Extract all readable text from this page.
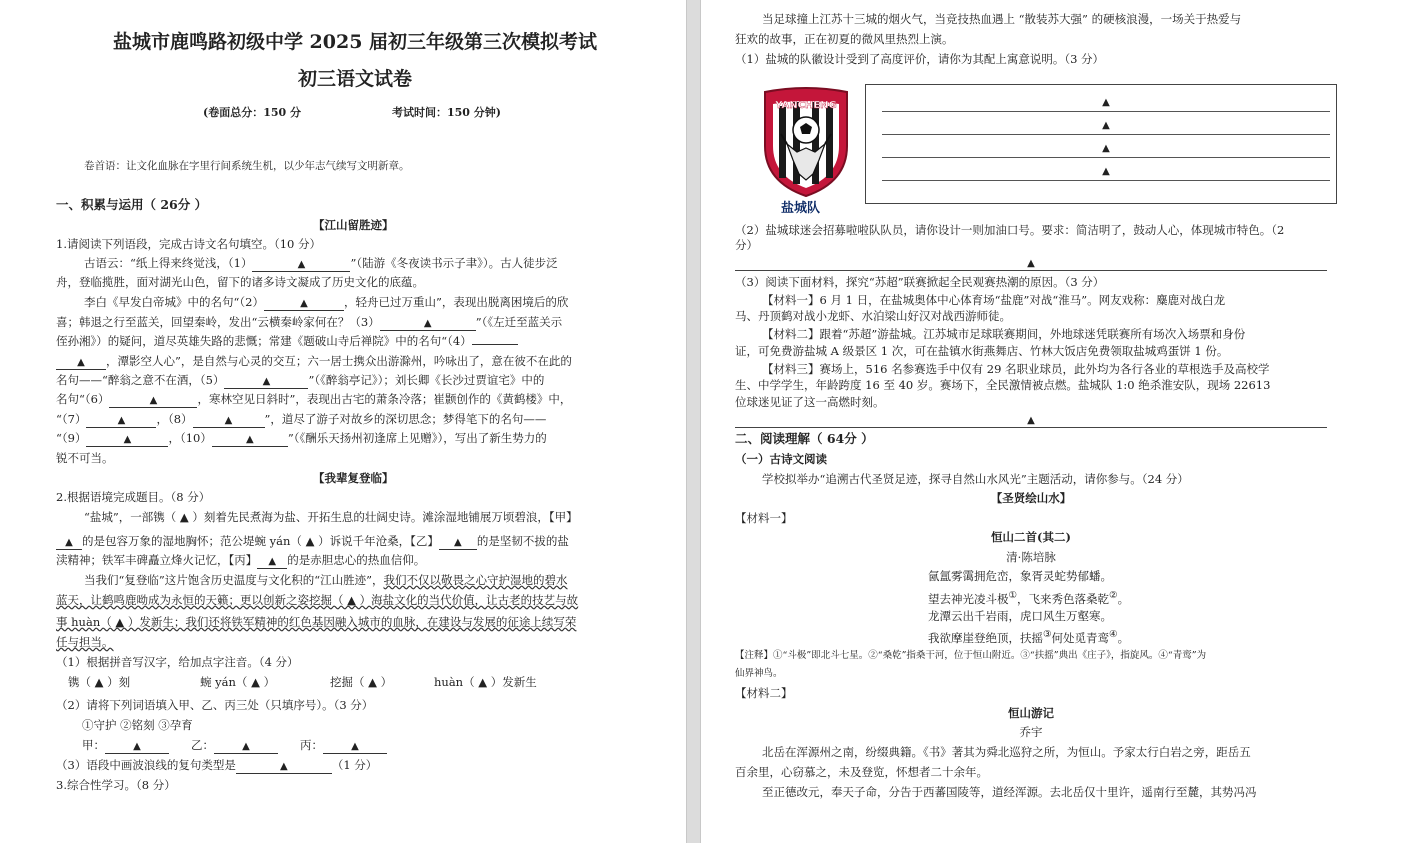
盐城市鹿鸣路初级中学 2025 届初三年级第三次模拟考试
初三语文试卷
(卷面总分：150 分	考试时间：150 分钟)
卷首语：让文化血脉在字里行间系统生机，以少年志气续写文明新章。
一、积累与运用（ 26分 ）
【江山留胜迹】
1.请阅读下列语段，完成古诗文名句填空。（10 分）
古语云：“纸上得来终觉浅，（1）	▲	”（陆游《冬夜读书示子聿》）。古人徒步泛
舟，登临揽胜，面对湖光山色，留下的诸多诗文凝成了历史文化的底蕴。
李白《早发白帝城》中的名句“（2）	▲	，轻舟已过万重山”，表现出脱离困境后的欣
喜；韩退之行至蓝关，回望秦岭，发出“云横秦岭家何在？（3）	▲	”（《左迁至蓝关示
侄孙湘》）的疑问，道尽英雄失路的悲慨；常建《题破山寺后禅院》中的名句“（4）
▲ ，潭影空人心”，是自然与心灵的交互；六一居士携众出游滁州，吟咏出了，意在彼不在此的
名句——“醉翁之意不在酒，（5）	▲	”（《醉翁亭记》）；刘长卿《长沙过贾谊宅》中的
名句“（6）	▲	，寒林空见日斜时”，表现出古宅的萧条冷落；崔颢创作的《黄鹤楼》中，
“（7）	▲	，（8）	▲	”，道尽了游子对故乡的深切思念；梦得笔下的名句——
“（9）	▲	，（10）	▲	”（《酬乐天扬州初逢席上见赠》），写出了新生势力的
锐不可当。
【我辈复登临】
2.根据语境完成题目。（8 分）
“盐城”，一部镌（ ▲ ）刻着先民煮海为盐、开拓生息的壮阔史诗。滩涂湿地铺展万顷碧浪，【甲】
▲ 的是包容万象的湿地胸怀；范公堤蜿 yán（ ▲ ）诉说千年沧桑，【乙】 ▲ 的是坚韧不拔的盐
渎精神；铁军丰碑矗立烽火记忆，【丙】 ▲ 的是赤胆忠心的热血信仰。
当我们“复登临”这片饱含历史温度与文化积的“江山胜迹”，我们不仅以敬畏之心守护湿地的碧水
蓝天，让鹤鸣鹿呦成为永恒的天籁；更以创新之姿挖掘（ ▲ ）海盐文化的当代价值，让古老的技艺与故
事 huàn（ ▲ ）发新生；我们还将铁军精神的红色基因融入城市的血脉，在建设与发展的征途上续写荣
任与担当。
（1）根据拼音写汉字，给加点字注音。（4 分）
镌（ ▲ ）刻	蜿 yán（ ▲ ）	挖掘（ ▲ ）	huàn（ ▲ ）发新生
（2）请将下列词语填入甲、乙、丙三处（只填序号）。（3 分）
①守护 ②铭刻 ③孕育
甲：	▲	乙：	▲	丙：	▲
（3）语段中画波浪线的复句类型是	▲	（1 分）
3.综合性学习。（8 分）
当足球撞上江苏十三城的烟火气，当竞技热血遇上 “散装苏大强” 的硬核浪漫，一场关于热爱与
狂欢的故事，正在初夏的微风里热烈上演。
（1）盐城的队徽设计受到了高度评价，请你为其配上寓意说明。（3 分）
YANCHENG
盐城队
▲
▲
▲
▲
（2）盐城球迷会招募啦啦队队员，请你设计一则加油口号。要求：简洁明了，鼓动人心，体现城市特色。（2
分）
▲
（3）阅读下面材料，探究“苏超”联赛掀起全民观赛热潮的原因。（3 分）
【材料一】6 月 1 日，在盐城奥体中心体育场“盐鹿”对战“淮马”。网友戏称：麋鹿对战白龙
马、丹顶鹤对战小龙虾、水泊梁山好汉对战西游师徒。
【材料二】跟着“苏超”游盐城。江苏城市足球联赛期间，外地球迷凭联赛所有场次入场票和身份
证，可免费游盐城 A 级景区 1 次，可在盐镇水街燕舞店、竹林大饭店免费领取盐城鸡蛋饼 1 份。
【材料三】赛场上，516 名参赛选手中仅有 29 名职业球员，此外均为各行各业的草根选手及高校学
生、中学学生，年龄跨度 16 至 40 岁。赛场下，全民激情被点燃。盐城队 1:0 绝杀淮安队，现场 22613
位球迷见证了这一高燃时刻。
▲
二、阅读理解（ 64分 ）
（一）古诗文阅读
学校拟举办“追溯古代圣贤足迹，探寻自然山水风光”主题活动，请你参与。（24 分）
【圣贤绘山水】
【材料一】
恒山二首(其二)
清·陈培脉
氤氲雾霭拥危峦，象胥灵蛇势郁蟠。
望去神光凌斗极①，飞来秀色落桑乾②。
龙潭云出千岩雨，虎口风生万壑寒。
我欲摩崖登绝顶，扶摇③何处觅青鸾④。
【注释】①“斗极”即北斗七星。②“桑乾”指桑干河，位于恒山附近。③“扶摇”典出《庄子》，指旋风。④“青鸾”为
仙界神鸟。
【材料二】
恒山游记
乔宇
北岳在浑源州之南，纷缀典籍。《书》著其为舜北巡狩之所，为恒山。予家太行白岩之旁，距岳五
百余里，心窃慕之，未及登览，怀想者二十余年。
至正德改元，奉天子命，分告于西蕃国陵等，道经浑源。去北岳仅十里许，遥南行至麓，其势冯冯
